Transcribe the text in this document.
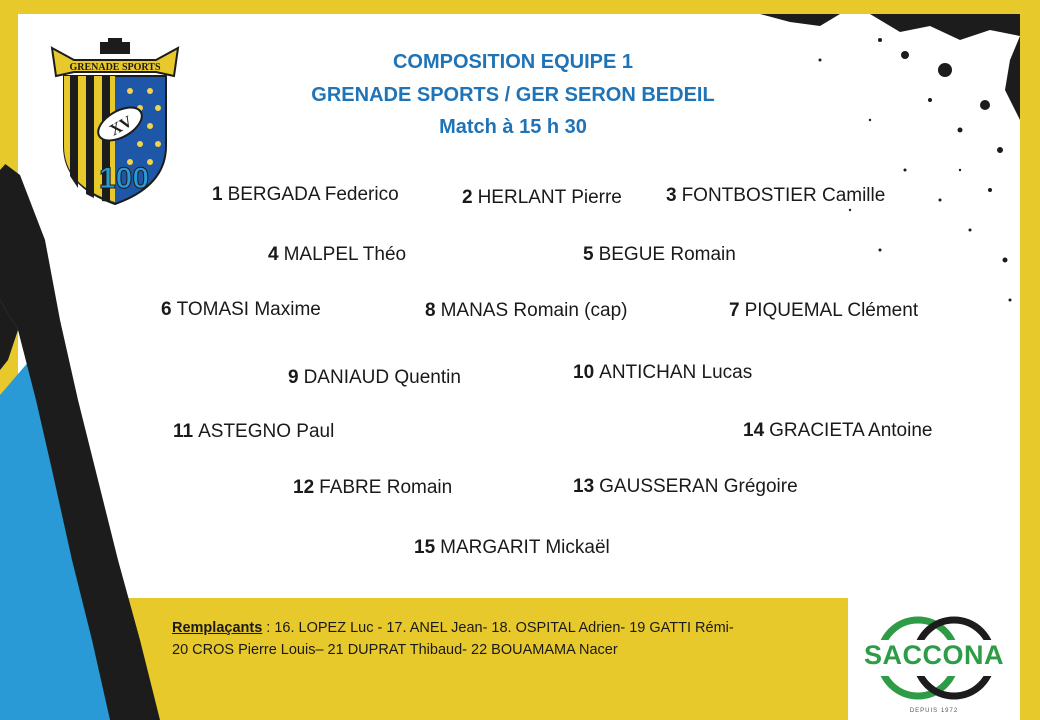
GRENADE SPORTS
XV
100
COMPOSITION EQUIPE 1
GRENADE SPORTS / GER SERON BEDEIL
Match à 15 h 30
1 BERGADA Federico	2 HERLANT Pierre 3 FONTBOSTIER Camille
4 MALPEL Théo	5 BEGUE Romain
6 TOMASI Maxime	8 MANAS Romain (cap)	7 PIQUEMAL Clément
9 DANIAUD Quentin	10 ANTICHAN Lucas
11 ASTEGNO Paul	14 GRACIETA Antoine
12 FABRE Romain	13 GAUSSERAN Grégoire
15 MARGARIT Mickaël
Remplaçants : 16. LOPEZ Luc - 17. ANEL Jean- 18. OSPITAL Adrien- 19 GATTI Rémi-
20 CROS Pierre Louis– 21 DUPRAT Thibaud- 22 BOUAMAMA Nacer	SACCONA
DEPUIS 1972
